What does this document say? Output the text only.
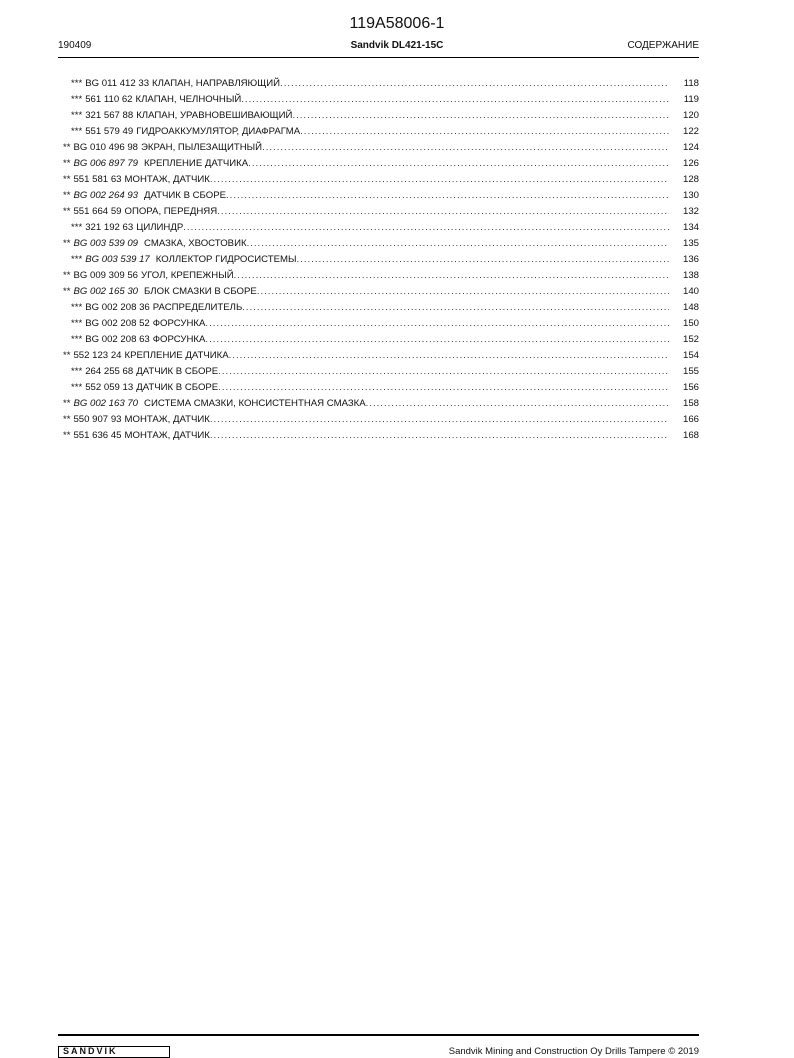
119A58006-1
190409	Sandvik DL421-15C	СОДЕРЖАНИЕ
*** BG 011 412 33 КЛАПАН, НАПРАВЛЯЮЩИЙ .....	118
*** 561 110 62 КЛАПАН, ЧЕЛНОЧНЫЙ .....	119
*** 321 567 88 КЛАПАН, УРАВНОВЕШИВАЮЩИЙ .....	120
*** 551 579 49 ГИДРОАККУМУЛЯТОР, ДИАФРАГМА .....	122
** BG 010 496 98 ЭКРАН, ПЫЛЕЗАЩИТНЫЙ .....	124
** BG 006 897 79 КРЕПЛЕНИЕ ДАТЧИКА .....	126
** 551 581 63 МОНТАЖ, ДАТЧИК .....	128
** BG 002 264 93 ДАТЧИК В СБОРЕ .....	130
** 551 664 59 ОПОРА, ПЕРЕДНЯЯ .....	132
*** 321 192 63 ЦИЛИНДР .....	134
** BG 003 539 09 СМАЗКА, ХВОСТОВИК .....	135
*** BG 003 539 17 КОЛЛЕКТОР ГИДРОСИСТЕМЫ .....	136
** BG 009 309 56 УГОЛ, КРЕПЕЖНЫЙ .....	138
** BG 002 165 30 БЛОК СМАЗКИ В СБОРЕ .....	140
*** BG 002 208 36 РАСПРЕДЕЛИТЕЛЬ .....	148
*** BG 002 208 52 ФОРСУНКА .....	150
*** BG 002 208 63 ФОРСУНКА .....	152
** 552 123 24 КРЕПЛЕНИЕ ДАТЧИКА .....	154
*** 264 255 68 ДАТЧИК В СБОРЕ .....	155
*** 552 059 13 ДАТЧИК В СБОРЕ .....	156
** BG 002 163 70 СИСТЕМА СМАЗКИ, КОНСИСТЕНТНАЯ СМАЗКА .....	158
** 550 907 93 МОНТАЖ, ДАТЧИК .....	166
** 551 636 45 МОНТАЖ, ДАТЧИК .....	168
SANDVIK	Sandvik Mining and Construction Oy Drills Tampere © 2019
